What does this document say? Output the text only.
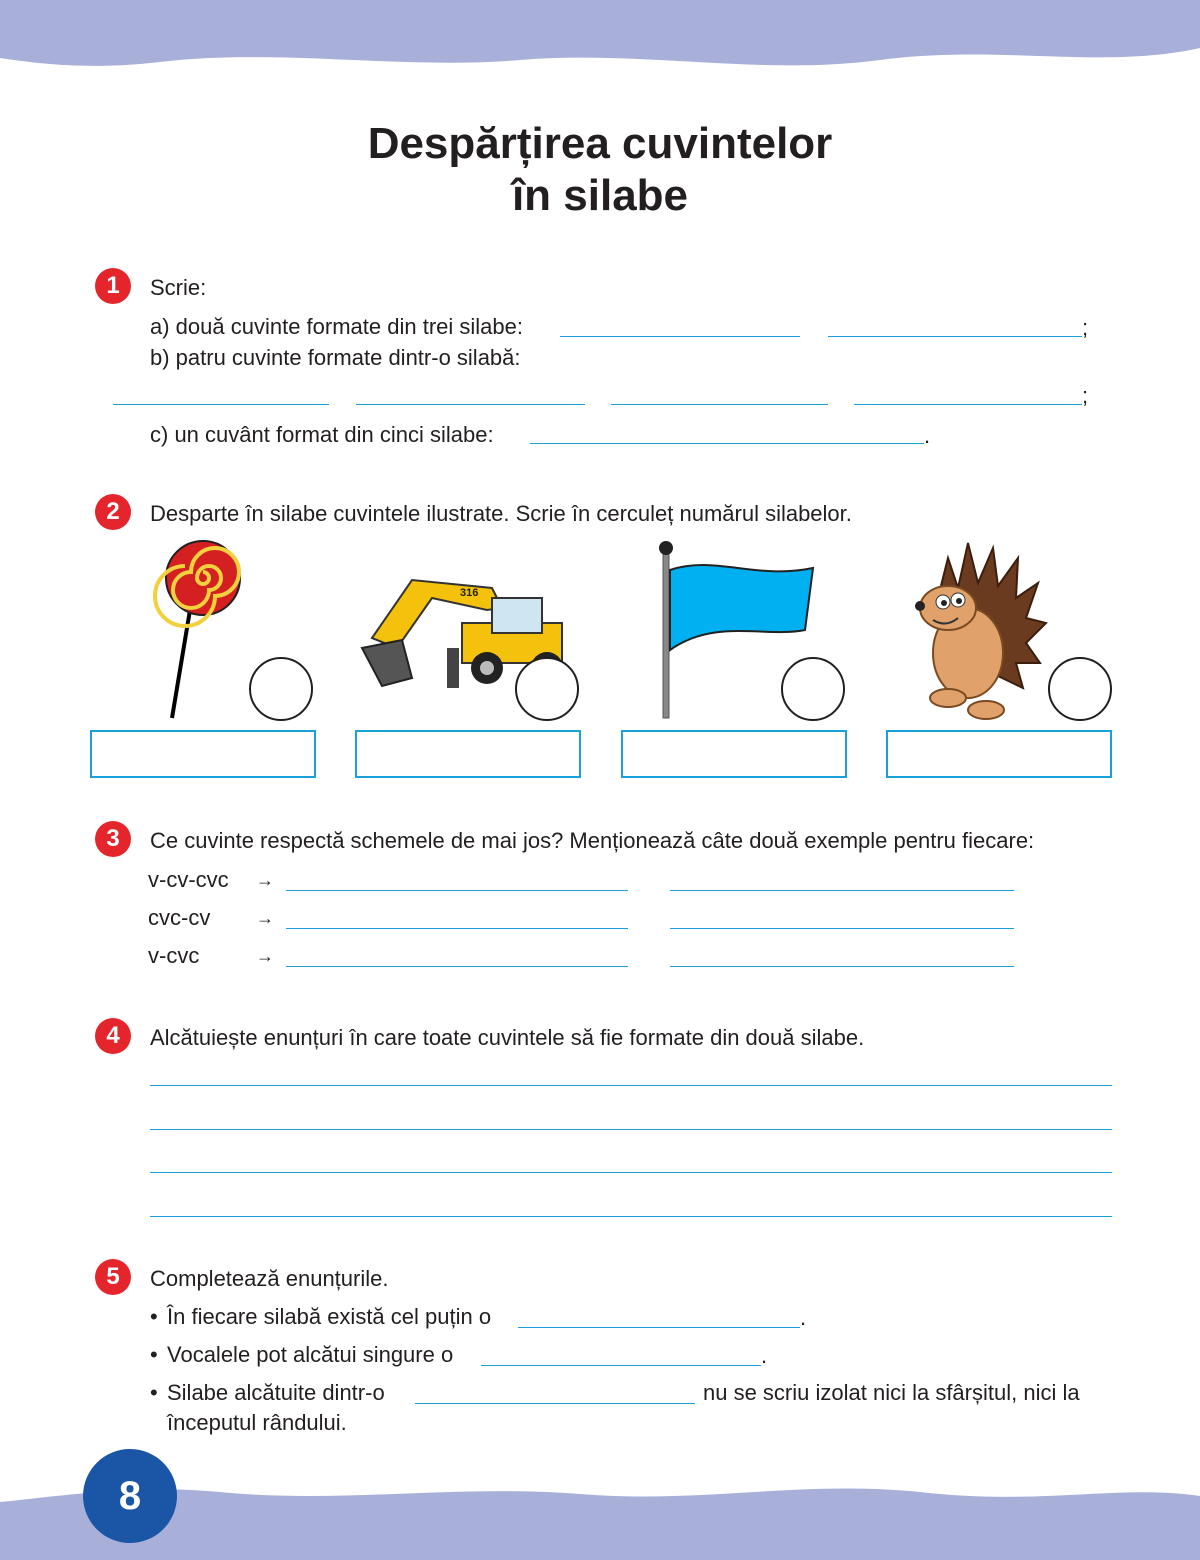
Despărțirea cuvintelor
în silabe
1	Scrie:
a) două cuvinte formate din trei silabe:	;
b) patru cuvinte formate dintr-o silabă:
;
c) un cuvânt format din cinci silabe:	.
2	Desparte în silabe cuvintele ilustrate. Scrie în cerculeț numărul silabelor.
316
3	Ce cuvinte respectă schemele de mai jos? Menționează câte două exemple pentru fiecare:
v-cv-cvc →
cvc-cv	→
v-cvc	→
4	Alcătuiește enunțuri în care toate cuvintele să fie formate din două silabe.
5	Completează enunțurile.
• În fiecare silabă există cel puțin o	.
• Vocalele pot alcătui singure o	.
• Silabe alcătuite dintr-o	nu se scriu izolat nici la sfârșitul, nici la
începutul rândului.
8
